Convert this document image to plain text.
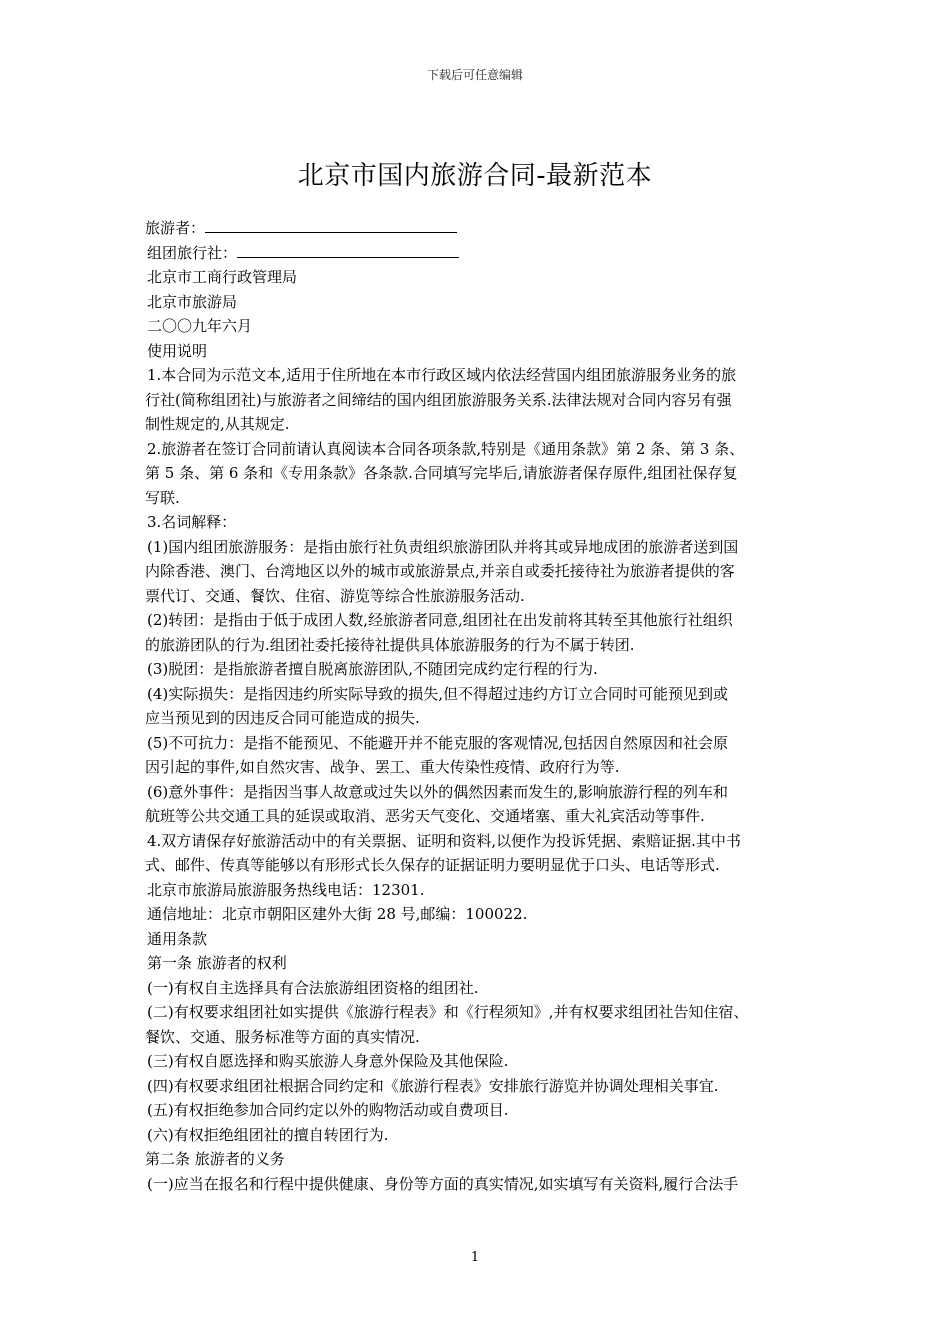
下载后可任意编辑
北京市国内旅游合同-最新范本
旅游者：
组团旅行社：
北京市工商行政管理局
北京市旅游局
二〇〇九年六月
使用说明
1.本合同为示范文本,适用于住所地在本市行政区域内依法经营国内组团旅游服务业务的旅
行社(简称组团社)与旅游者之间缔结的国内组团旅游服务关系.法律法规对合同内容另有强
制性规定的,从其规定.
2.旅游者在签订合同前请认真阅读本合同各项条款,特别是《通用条款》第 2 条、第 3 条、
第 5 条、第 6 条和《专用条款》各条款.合同填写完毕后,请旅游者保存原件,组团社保存复
写联.
3.名词解释：
(1)国内组团旅游服务：是指由旅行社负责组织旅游团队并将其或异地成团的旅游者送到国
内除香港、澳门、台湾地区以外的城市或旅游景点,并亲自或委托接待社为旅游者提供的客
票代订、交通、餐饮、住宿、游览等综合性旅游服务活动.
(2)转团：是指由于低于成团人数,经旅游者同意,组团社在出发前将其转至其他旅行社组织
的旅游团队的行为.组团社委托接待社提供具体旅游服务的行为不属于转团.
(3)脱团：是指旅游者擅自脱离旅游团队,不随团完成约定行程的行为.
(4)实际损失：是指因违约所实际导致的损失,但不得超过违约方订立合同时可能预见到或
应当预见到的因违反合同可能造成的损失.
(5)不可抗力：是指不能预见、不能避开并不能克服的客观情况,包括因自然原因和社会原
因引起的事件,如自然灾害、战争、罢工、重大传染性疫情、政府行为等.
(6)意外事件：是指因当事人故意或过失以外的偶然因素而发生的,影响旅游行程的列车和
航班等公共交通工具的延误或取消、恶劣天气变化、交通堵塞、重大礼宾活动等事件.
4.双方请保存好旅游活动中的有关票据、证明和资料,以便作为投诉凭据、索赔证据.其中书
式、邮件、传真等能够以有形形式长久保存的证据证明力要明显优于口头、电话等形式.
北京市旅游局旅游服务热线电话：12301.
通信地址：北京市朝阳区建外大街 28 号,邮编：100022.
通用条款
第一条 旅游者的权利
(一)有权自主选择具有合法旅游组团资格的组团社.
(二)有权要求组团社如实提供《旅游行程表》和《行程须知》,并有权要求组团社告知住宿、
餐饮、交通、服务标准等方面的真实情况.
(三)有权自愿选择和购买旅游人身意外保险及其他保险.
(四)有权要求组团社根据合同约定和《旅游行程表》安排旅行游览并协调处理相关事宜.
(五)有权拒绝参加合同约定以外的购物活动或自费项目.
(六)有权拒绝组团社的擅自转团行为.
第二条 旅游者的义务
(一)应当在报名和行程中提供健康、身份等方面的真实情况,如实填写有关资料,履行合法手
1
